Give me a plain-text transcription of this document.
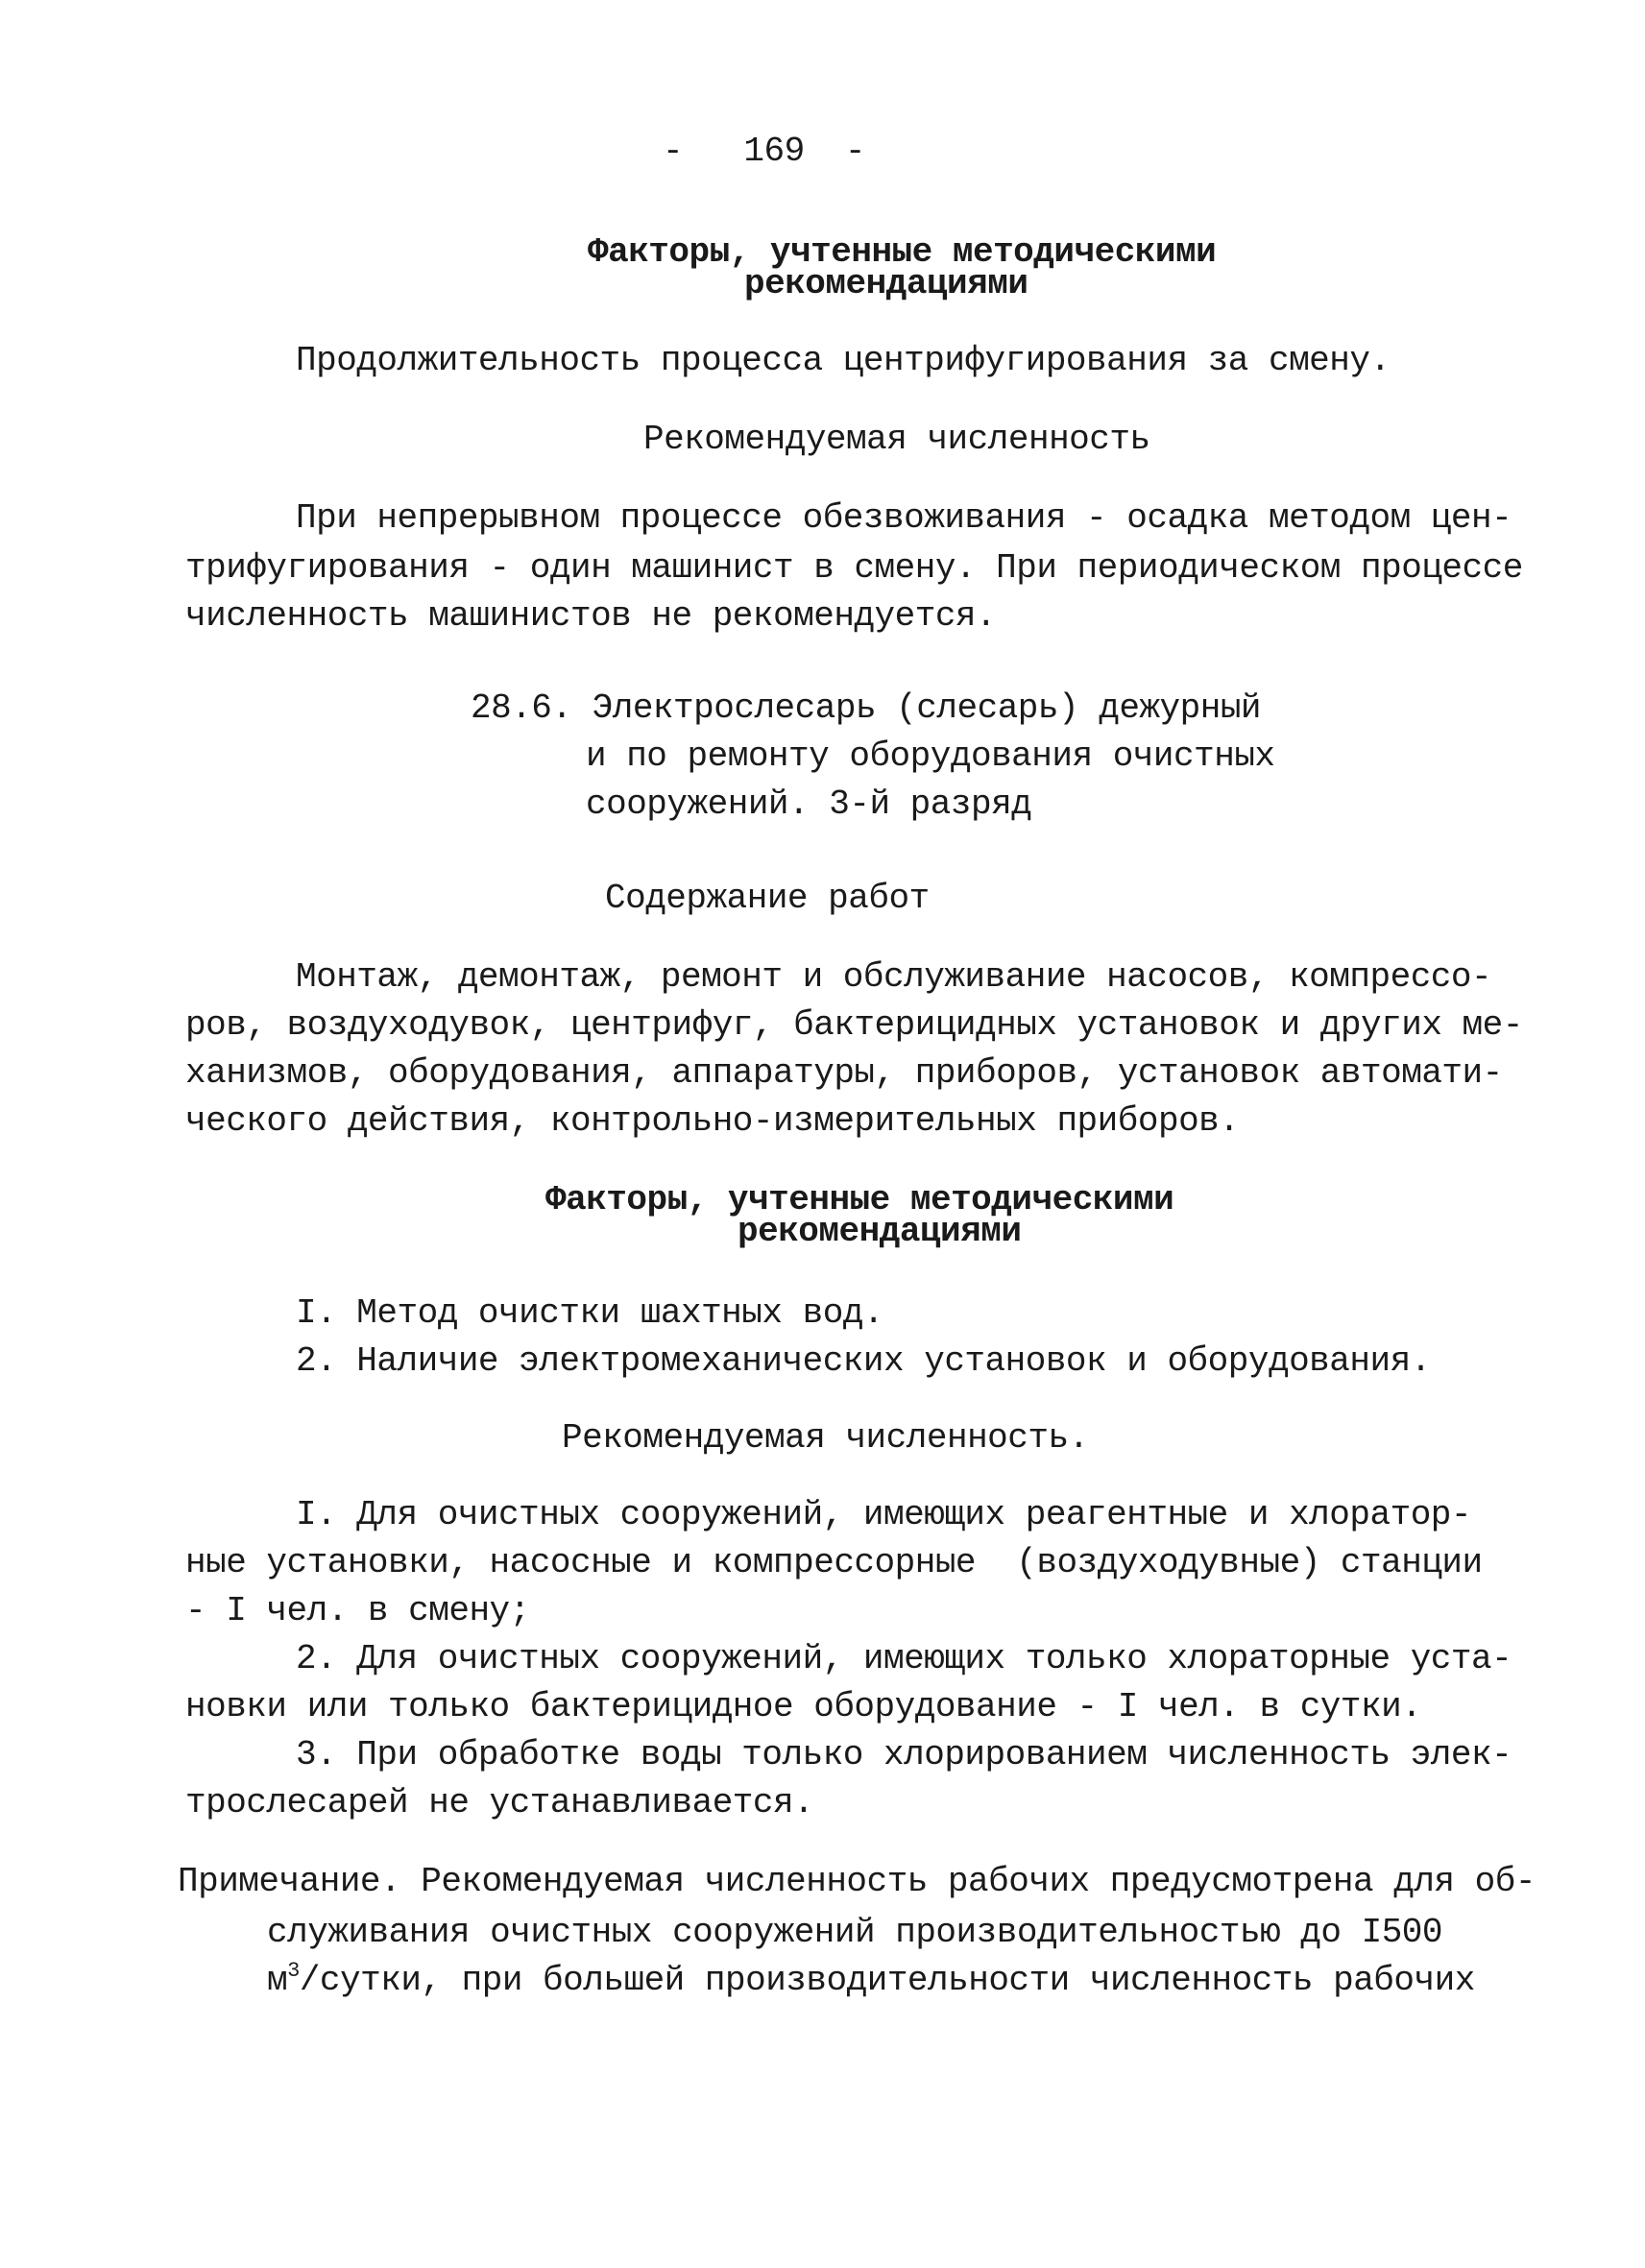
-   169  -
Факторы, учтенные методическими
рекомендациями
Продолжительность процесса центрифугирования за смену.
Рекомендуемая численность
При непрерывном процессе обезвоживания - осадка методом цен-
трифугирования - один машинист в смену. При периодическом процессе
численность машинистов не рекомендуется.
28.6. Электрослесарь (слесарь) дежурный
и по ремонту оборудования очистных
сооружений. 3-й разряд
Содержание работ
Монтаж, демонтаж, ремонт и обслуживание насосов, компрессо-
ров, воздуходувок, центрифуг, бактерицидных установок и других ме-
ханизмов, оборудования, аппаратуры, приборов, установок автомати-
ческого действия, контрольно-измерительных приборов.
Факторы, учтенные методическими
рекомендациями
I. Метод очистки шахтных вод.
2. Наличие электромеханических установок и оборудования.
Рекомендуемая численность.
I. Для очистных сооружений, имеющих реагентные и хлоратор-
ные установки, насосные и компрессорные  (воздуходувные) станции
- I чел. в смену;
2. Для очистных сооружений, имеющих только хлораторные уста-
новки или только бактерицидное оборудование - I чел. в сутки.
3. При обработке воды только хлорированием численность элек-
трослесарей не устанавливается.
Примечание. Рекомендуемая численность рабочих предусмотрена для об-
служивания очистных сооружений производительностью до I500
$м^3$/сутки, при большей производительности численность рабочих
